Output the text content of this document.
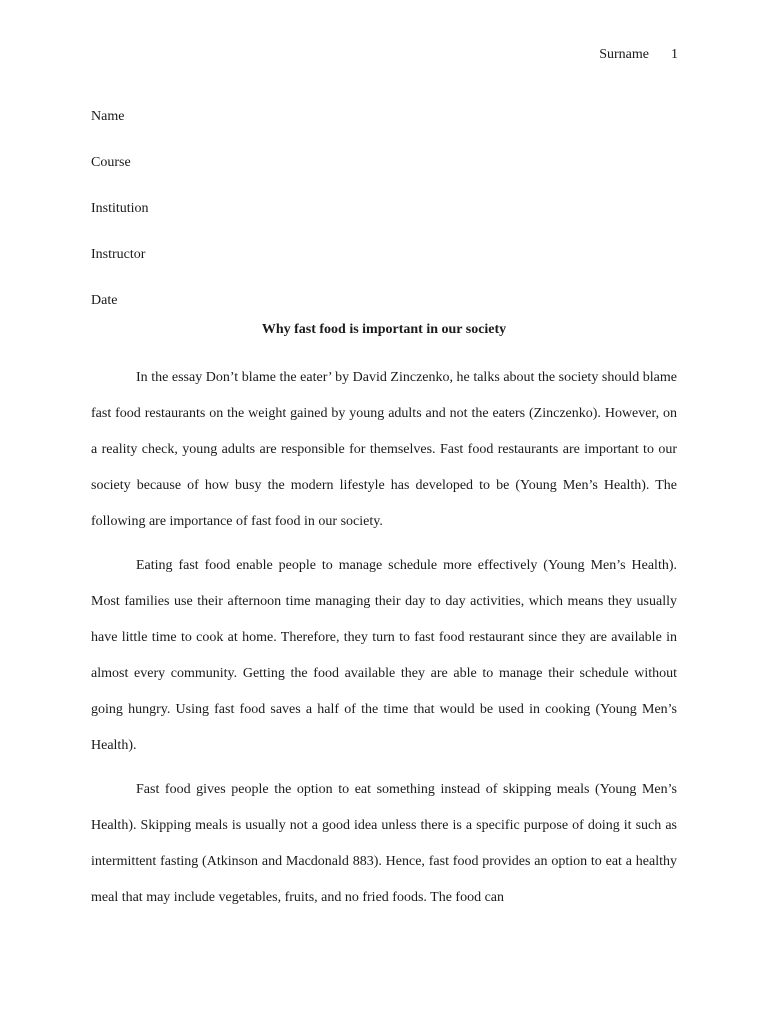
Surname 1
Name
Course
Institution
Instructor
Date
Why fast food is important in our society

In the essay Don’t blame the eater’ by David Zinczenko, he talks about the society should blame fast food restaurants on the weight gained by young adults and not the eaters (Zinczenko). However, on a reality check, young adults are responsible for themselves. Fast food restaurants are important to our society because of how busy the modern lifestyle has developed to be (Young Men’s Health). The following are importance of fast food in our society.

Eating fast food enable people to manage schedule more effectively (Young Men’s Health). Most families use their afternoon time managing their day to day activities, which means they usually have little time to cook at home. Therefore, they turn to fast food restaurant since they are available in almost every community. Getting the food available they are able to manage their schedule without going hungry. Using fast food saves a half of the time that would be used in cooking (Young Men’s Health).

Fast food gives people the option to eat something instead of skipping meals (Young Men’s Health). Skipping meals is usually not a good idea unless there is a specific purpose of doing it such as intermittent fasting (Atkinson and Macdonald 883). Hence, fast food provides an option to eat a healthy meal that may include vegetables, fruits, and no fried foods. The food can
